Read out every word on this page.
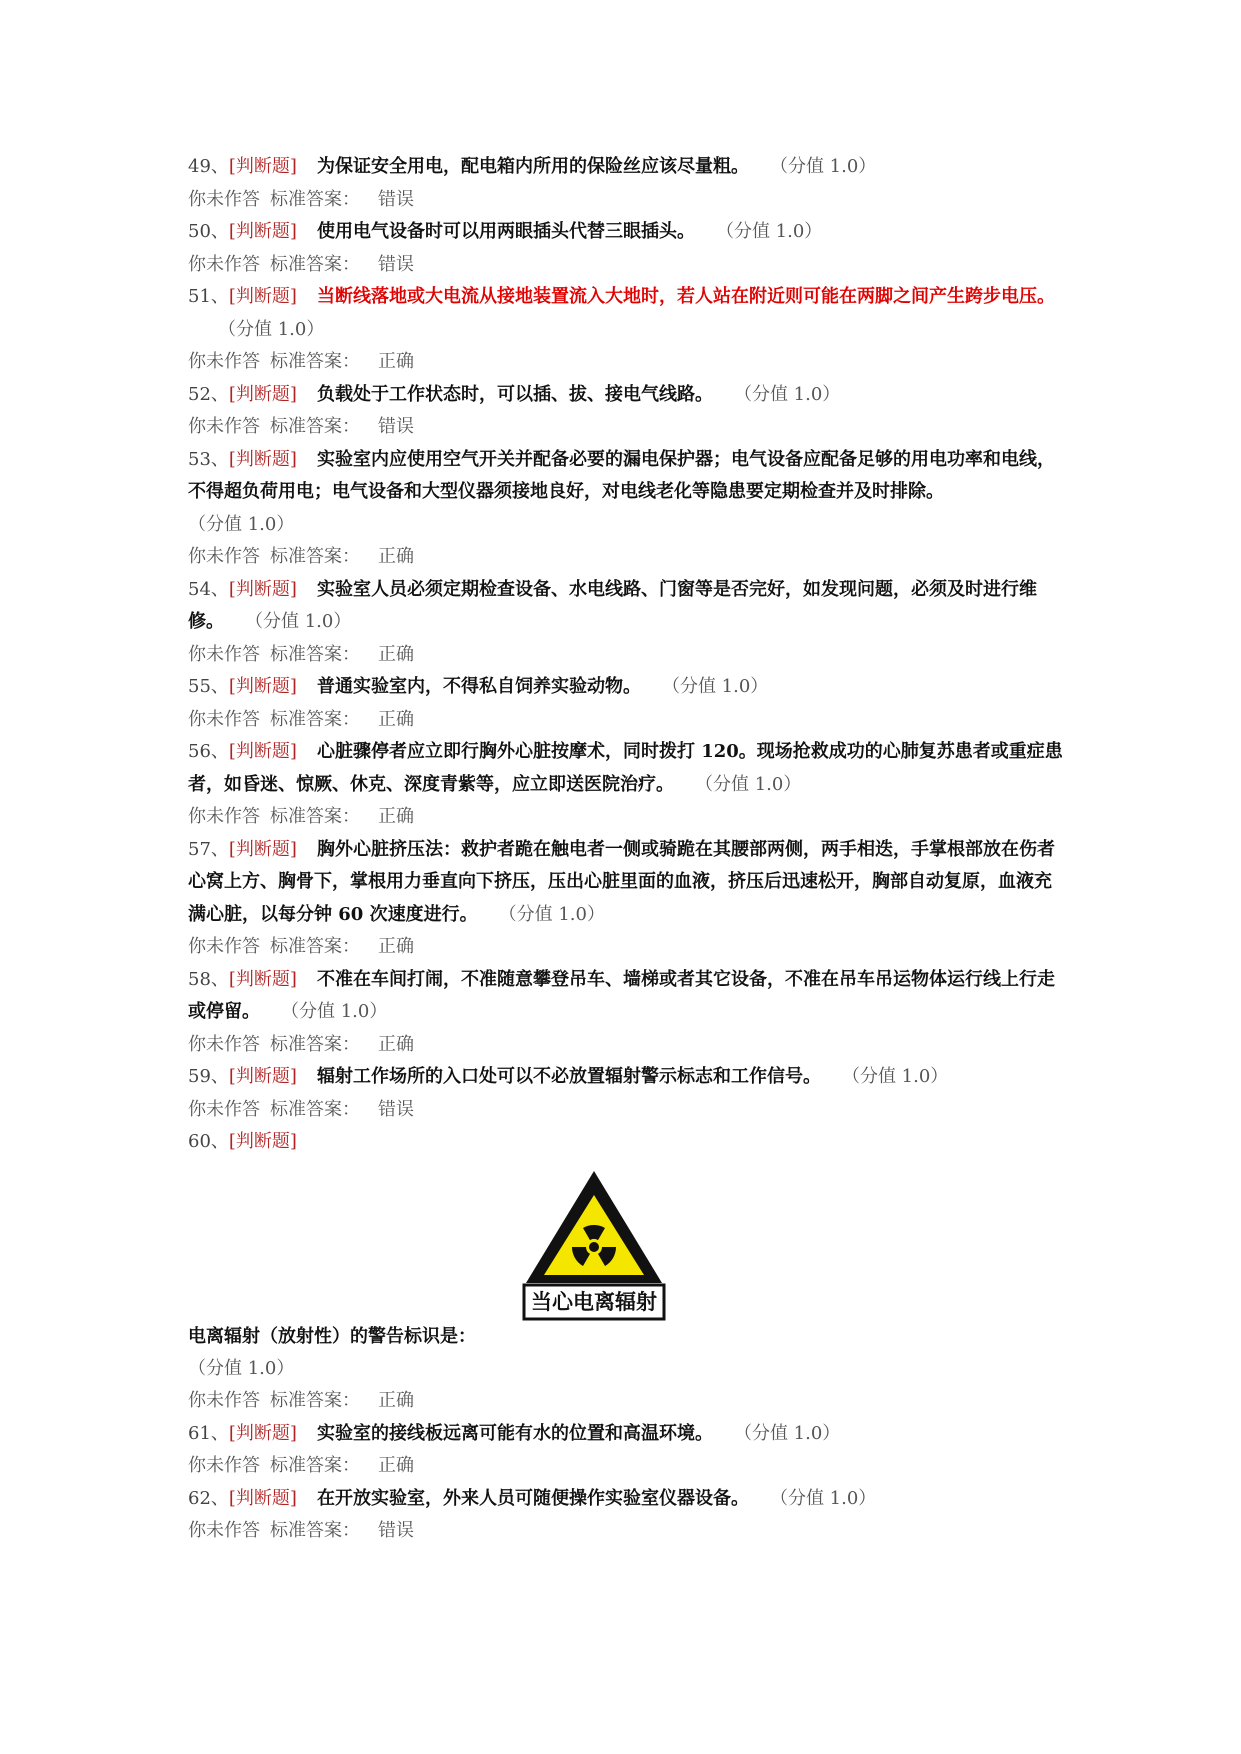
49、[判断题] 为保证安全用电，配电箱内所用的保险丝应该尽量粗。 （分值 1.0）
你未作答 标准答案： 错误
50、[判断题] 使用电气设备时可以用两眼插头代替三眼插头。 （分值 1.0）
你未作答 标准答案： 错误
51、[判断题] 当断线落地或大电流从接地装置流入大地时，若人站在附近则可能在两脚之间产生跨步电压。（分值 1.0）
你未作答 标准答案： 正确
52、[判断题] 负载处于工作状态时，可以插、拔、接电气线路。 （分值 1.0）
你未作答 标准答案： 错误
53、[判断题] 实验室内应使用空气开关并配备必要的漏电保护器；电气设备应配备足够的用电功率和电线，不得超负荷用电；电气设备和大型仪器须接地良好，对电线老化等隐患要定期检查并及时排除。
（分值 1.0）
你未作答 标准答案： 正确
54、[判断题] 实验室人员必须定期检查设备、水电线路、门窗等是否完好，如发现问题，必须及时进行维修。 （分值 1.0）
你未作答 标准答案： 正确
55、[判断题] 普通实验室内，不得私自饲养实验动物。 （分值 1.0）
你未作答 标准答案： 正确
56、[判断题] 心脏骤停者应立即行胸外心脏按摩术，同时拨打 120。现场抢救成功的心肺复苏患者或重症患者，如昏迷、惊厥、休克、深度青紫等，应立即送医院治疗。 （分值 1.0）
你未作答 标准答案： 正确
57、[判断题] 胸外心脏挤压法：救护者跪在触电者一侧或骑跪在其腰部两侧，两手相迭，手掌根部放在伤者心窝上方、胸骨下，掌根用力垂直向下挤压，压出心脏里面的血液，挤压后迅速松开，胸部自动复原，血液充满心脏，以每分钟 60 次速度进行。 （分值 1.0）
你未作答 标准答案： 正确
58、[判断题] 不准在车间打闹，不准随意攀登吊车、墙梯或者其它设备，不准在吊车吊运物体运行线上行走或停留。 （分值 1.0）
你未作答 标准答案： 正确
59、[判断题] 辐射工作场所的入口处可以不必放置辐射警示标志和工作信号。 （分值 1.0）
你未作答 标准答案： 错误
60、[判断题]
当心电离辐射
电离辐射（放射性）的警告标识是：
（分值 1.0）
你未作答 标准答案： 正确
61、[判断题] 实验室的接线板远离可能有水的位置和高温环境。 （分值 1.0）
你未作答 标准答案： 正确
62、[判断题] 在开放实验室，外来人员可随便操作实验室仪器设备。 （分值 1.0）
你未作答 标准答案： 错误
